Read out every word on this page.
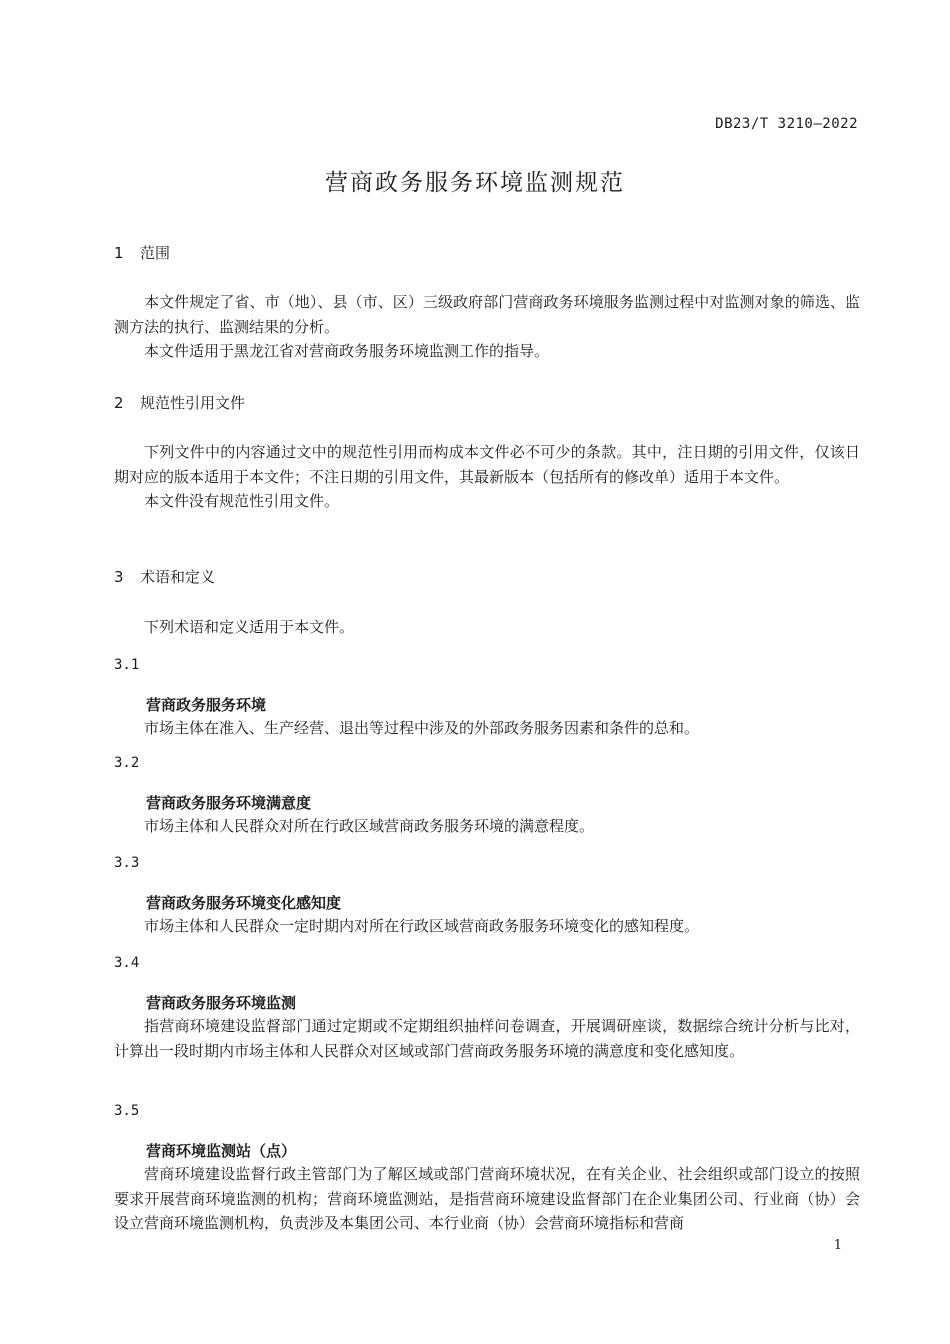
DB23/T 3210—2022
营商政务服务环境监测规范
1 范围

本文件规定了省、市（地）、县（市、区）三级政府部门营商政务环境服务监测过程中对监测对象的筛选、监测方法的执行、监测结果的分析。

本文件适用于黑龙江省对营商政务服务环境监测工作的指导。

2 规范性引用文件

下列文件中的内容通过文中的规范性引用而构成本文件必不可少的条款。其中，注日期的引用文件，仅该日期对应的版本适用于本文件；不注日期的引用文件，其最新版本（包括所有的修改单）适用于本文件。

本文件没有规范性引用文件。

3 术语和定义

下列术语和定义适用于本文件。

3.1
营商政务服务环境

市场主体在准入、生产经营、退出等过程中涉及的外部政务服务因素和条件的总和。

3.2
营商政务服务环境满意度

市场主体和人民群众对所在行政区域营商政务服务环境的满意程度。

3.3
营商政务服务环境变化感知度

市场主体和人民群众一定时期内对所在行政区域营商政务服务环境变化的感知程度。

3.4
营商政务服务环境监测

指营商环境建设监督部门通过定期或不定期组织抽样问卷调查，开展调研座谈，数据综合统计分析与比对，计算出一段时期内市场主体和人民群众对区域或部门营商政务服务环境的满意度和变化感知度。

3.5
营商环境监测站（点）

营商环境建设监督行政主管部门为了解区域或部门营商环境状况，在有关企业、社会组织或部门设立的按照要求开展营商环境监测的机构；营商环境监测站，是指营商环境建设监督部门在企业集团公司、行业商（协）会设立营商环境监测机构，负责涉及本集团公司、本行业商（协）会营商环境指标和营商

1
